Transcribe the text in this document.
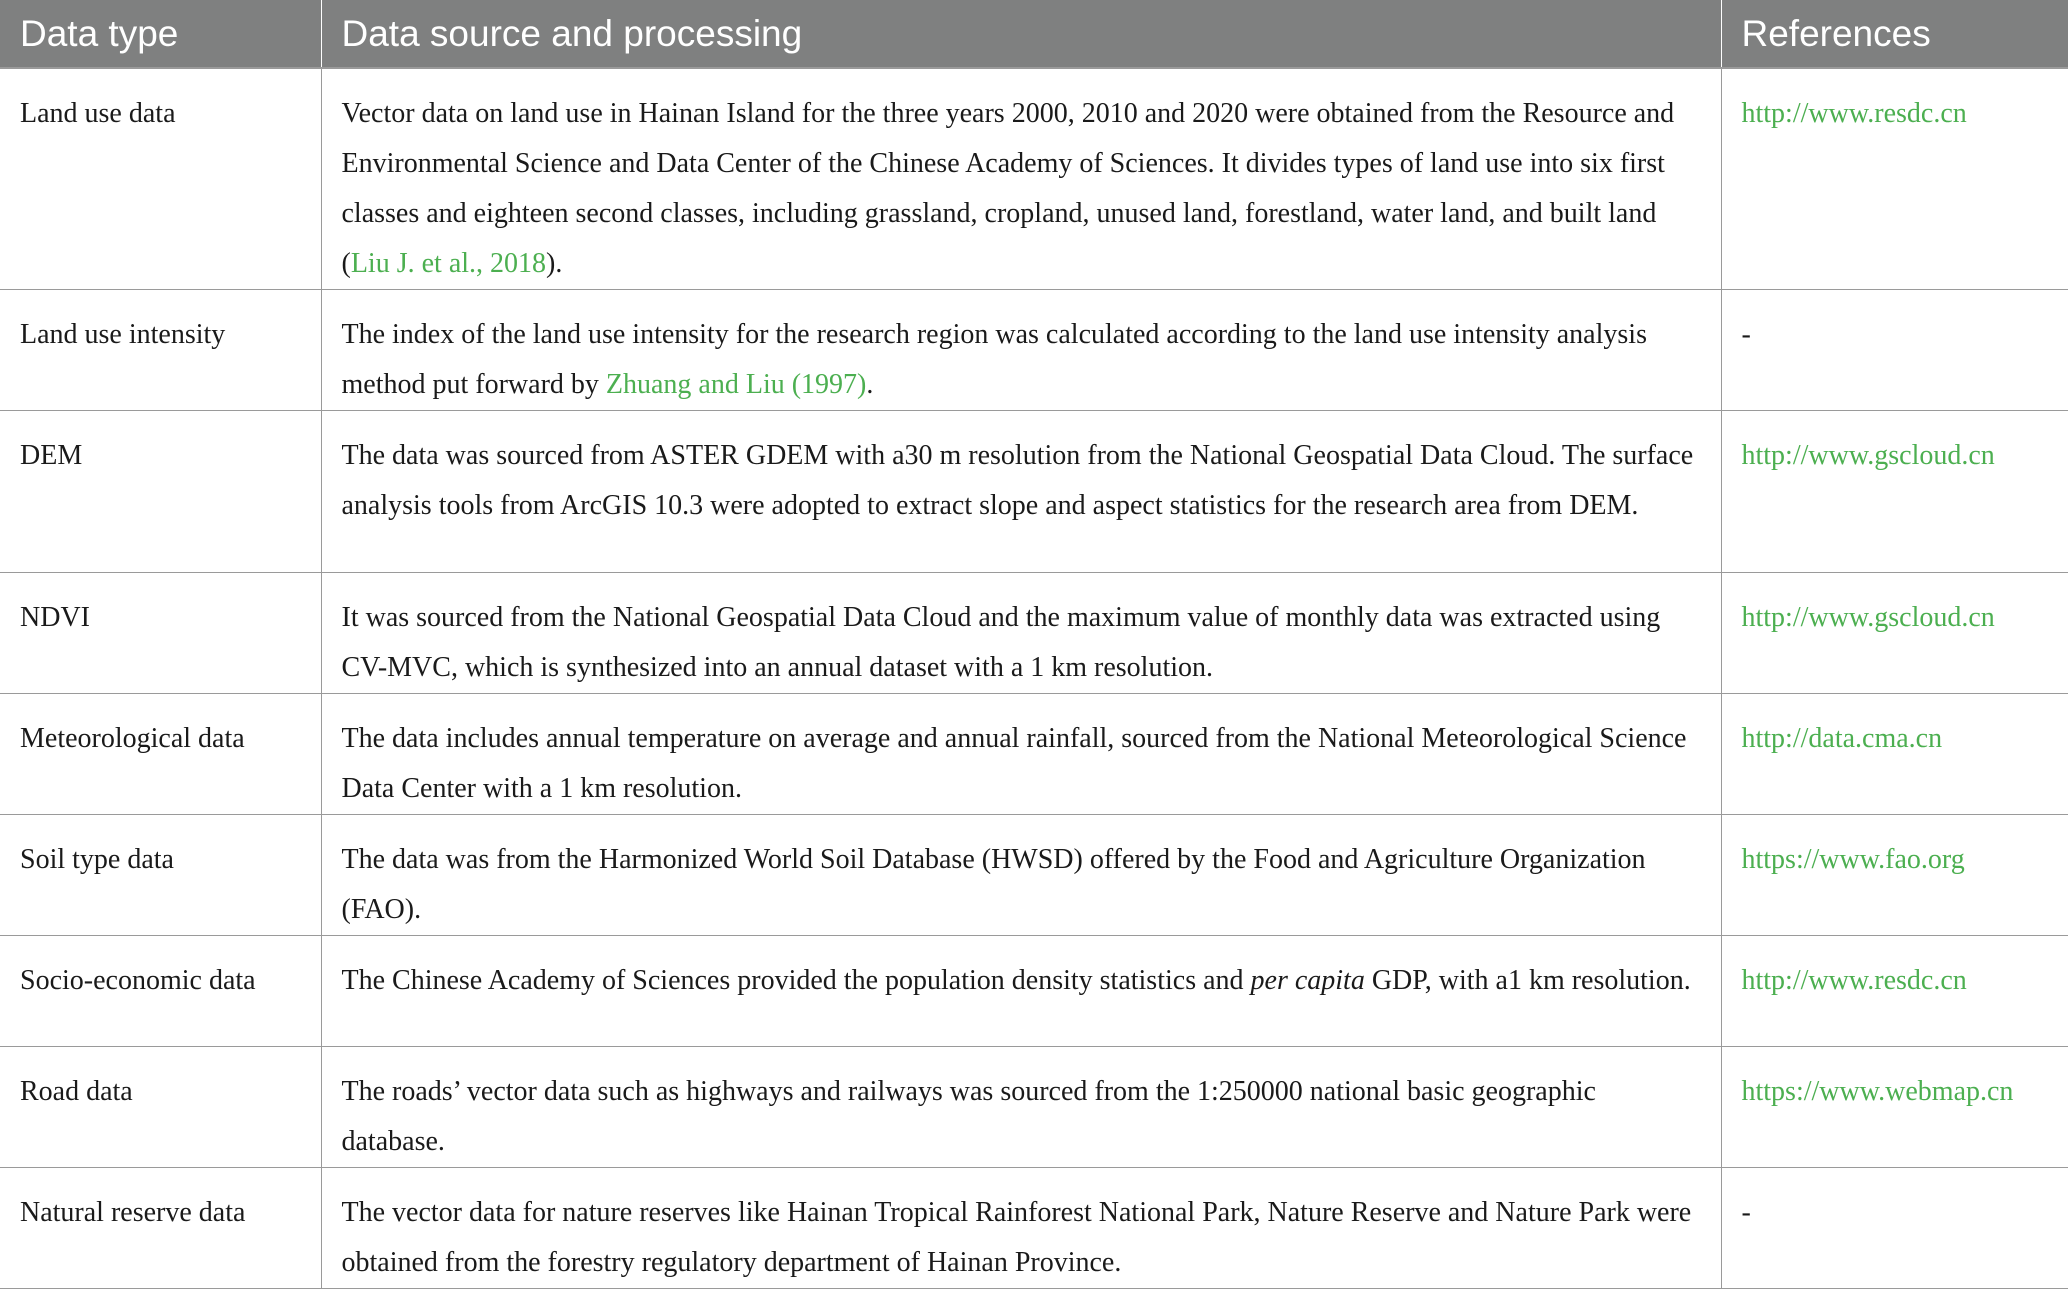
Data type	Data source and processing	References
Land use data	Vector data on land use in Hainan Island for the three years 2000, 2010 and 2020 were obtained from the Resource and Environmental Science and Data Center of the Chinese Academy of Sciences. It divides types of land use into six first classes and eighteen second classes, including grassland, cropland, unused land, forestland, water land, and built land (Liu J. et al., 2018).	http://www.resdc.cn
Land use intensity	The index of the land use intensity for the research region was calculated according to the land use intensity analysis method put forward by Zhuang and Liu (1997).	-
DEM	The data was sourced from ASTER GDEM with a30 m resolution from the National Geospatial Data Cloud. The surface analysis tools from ArcGIS 10.3 were adopted to extract slope and aspect statistics for the research area from DEM.	http://www.gscloud.cn
NDVI	It was sourced from the National Geospatial Data Cloud and the maximum value of monthly data was extracted using CV-MVC, which is synthesized into an annual dataset with a 1 km resolution.	http://www.gscloud.cn
Meteorological data	The data includes annual temperature on average and annual rainfall, sourced from the National Meteorological Science Data Center with a 1 km resolution.	http://data.cma.cn
Soil type data	The data was from the Harmonized World Soil Database (HWSD) offered by the Food and Agriculture Organization (FAO).	https://www.fao.org
Socio-economic data	The Chinese Academy of Sciences provided the population density statistics and per capita GDP, with a1 km resolution.	http://www.resdc.cn
Road data	The roads’ vector data such as highways and railways was sourced from the 1:250000 national basic geographic database.	https://www.webmap.cn
Natural reserve data	The vector data for nature reserves like Hainan Tropical Rainforest National Park, Nature Reserve and Nature Park were obtained from the forestry regulatory department of Hainan Province.	-
